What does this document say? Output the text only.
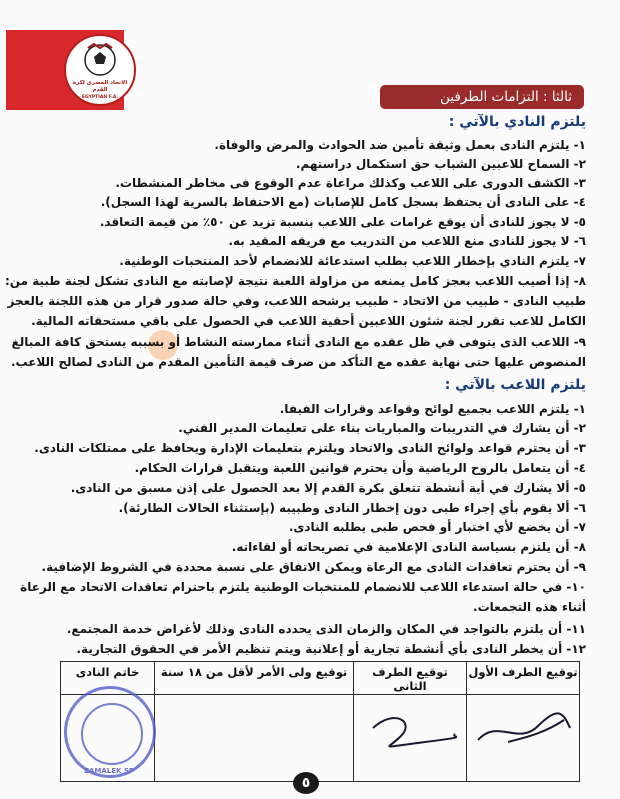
الاتحاد المصري لكرة القدم
EGYPTIAN F.A.	ثالثا : التزامات الطرفين
يلتزم النادي بالآتي :
١- يلتزم النادى بعمل وثيقة تأمين ضد الحوادث والمرض والوفاة.
٢- السماح للاعبين الشباب حق استكمال دراستهم.
٣- الكشف الدورى على اللاعب وكذلك مراعاة عدم الوقوع فى مخاطر المنشطات.
٤- على النادى أن يحتفظ بسجل كامل للإصابات (مع الاحتفاظ بالسرية لهذا السجل).
٥- لا يجوز للنادى أن يوقع غرامات على اللاعب بنسبة تزيد عن ٥٠٪ من قيمة التعاقد.
٦- لا يجوز للنادى منع اللاعب من التدريب مع فريقه المقيد به.
٧- يلتزم النادي بإخطار اللاعب بطلب استدعائة للانضمام لأحد المنتخبات الوطنية.
٨- إذا أصيب اللاعب بعجز كامل يمنعه من مزاولة اللعبة نتيجة لإصابته مع النادى تشكل لجنة طبية من:
طبيب النادى - طبيب من الاتحاد - طبيب يرشحه اللاعب، وفي حالة صدور قرار من هذه اللجنة بالعجز
الكامل للاعب تقرر لجنة شئون اللاعبين أحقية اللاعب في الحصول على باقي مستحقاته المالية.
٩- اللاعب الذى يتوفى في ظل عقده مع النادى أثناء ممارسته النشاط أو بسببه يستحق كافة المبالغ
المنصوص عليها حتى نهاية عقده مع التأكد من صرف قيمة التأمين المقدم من النادى لصالح اللاعب.
يلتزم اللاعب بالآتي :
١- يلتزم اللاعب بجميع لوائح وقواعد وقرارات الفيفا.
٢- أن يشارك في التدريبات والمباريات بناء على تعليمات المدير الفني.
٣- أن يحترم قواعد ولوائح النادى والاتحاد ويلتزم بتعليمات الإدارة ويحافظ على ممتلكات النادى.
٤- أن يتعامل بالروح الرياضية وأن يحترم قوانين اللعبة ويتقبل قرارات الحكام.
٥- ألا يشارك في أية أنشطة تتعلق بكرة القدم إلا بعد الحصول على إذن مسبق من النادى.
٦- ألا يقوم بأي إجراء طبى دون إخطار النادى وطبيبه (بإستثناء الحالات الطارئة).
٧- أن يخضع لأي اختبار أو فحص طبى يطلبه النادى.
٨- أن يلتزم بسياسة النادى الإعلامية في تصريحاته أو لقاءاته.
٩- أن يحترم تعاقدات النادى مع الرعاة ويمكن الاتفاق على نسبة محددة في الشروط الإضافية.
١٠- في حالة استدعاء اللاعب للانضمام للمنتخبات الوطنية يلتزم باحترام تعاقدات الاتحاد مع الرعاة
أثناء هذه التجمعات.
١١- أن يلتزم بالتواجد في المكان والزمان الذى يحدده النادى وذلك لأغراض خدمة المجتمع.
١٢- أن يخطر النادى بأي أنشطة تجارية أو إعلانية ويتم تنظيم الأمر في الحقوق التجارية.
توقيع الطرف الأول	توقيع الطرف الثانى	توقيع ولى الأمر لأقل من ١٨ سنة	خاتم النادى

ZAMALEK SP
٥
